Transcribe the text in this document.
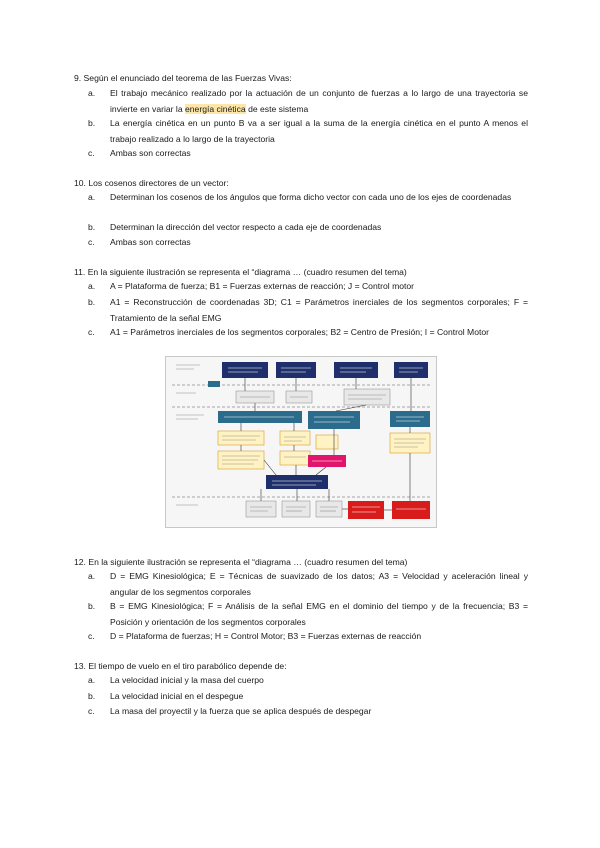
9. Según el enunciado del teorema de las Fuerzas Vivas:
a. El trabajo mecánico realizado por la actuación de un conjunto de fuerzas a lo largo de una trayectoria se invierte en variar la energía cinética de este sistema
b. La energía cinética en un punto B va a ser igual a la suma de la energía cinética en el punto A menos el trabajo realizado a lo largo de la trayectoria
c. Ambas son correctas
10. Los cosenos directores de un vector:
a. Determinan los cosenos de los ángulos que forma dicho vector con cada uno de los ejes de coordenadas
b. Determinan la dirección del vector respecto a cada eje de coordenadas
c. Ambas son correctas
11. En la siguiente ilustración se representa el “diagrama … (cuadro resumen del tema)
a. A = Plataforma de fuerza; B1 = Fuerzas externas de reacción; J = Control motor
b. A1 = Reconstrucción de coordenadas 3D; C1 = Parámetros inerciales de los segmentos corporales; F = Tratamiento de la señal EMG
c. A1 = Parámetros inerciales de los segmentos corporales; B2 = Centro de Presión; I = Control Motor
12. En la siguiente ilustración se representa el “diagrama … (cuadro resumen del tema)
a. D = EMG Kinesiológica; E = Técnicas de suavizado de los datos; A3 = Velocidad y aceleración lineal y angular de los segmentos corporales
b. B = EMG Kinesiológica; F = Análisis de la señal EMG en el dominio del tiempo y de la frecuencia; B3 = Posición y orientación de los segmentos corporales
c. D = Plataforma de fuerzas; H = Control Motor; B3 = Fuerzas externas de reacción
13. El tiempo de vuelo en el tiro parabólico depende de:
a. La velocidad inicial y la masa del cuerpo
b. La velocidad inicial en el despegue
c. La masa del proyectil y la fuerza que se aplica después de despegar
